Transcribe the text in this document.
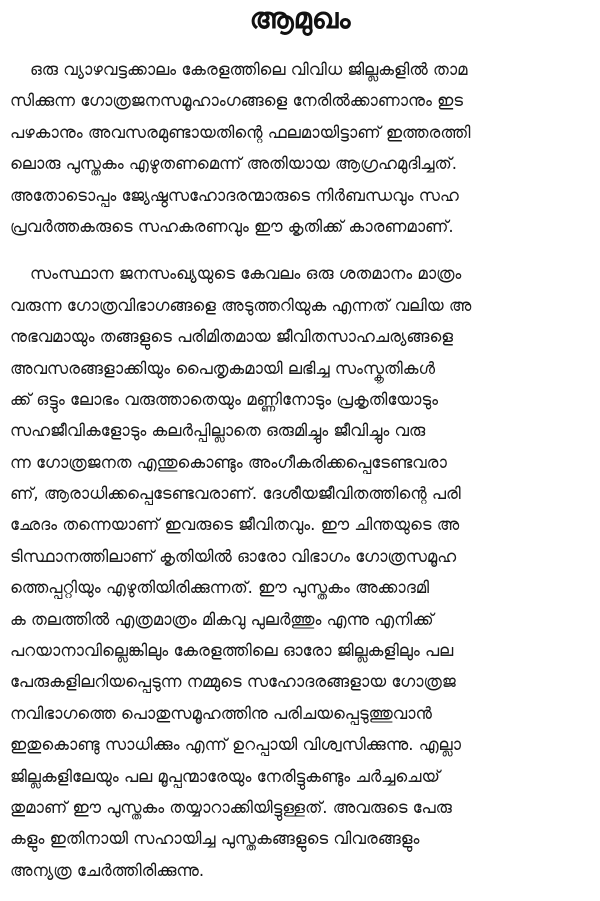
ആമുഖം

ഒരു വ്യാഴവട്ടക്കാലം കേരളത്തിലെ വിവിധ ജില്ലകളിൽ താമ
സിക്കുന്ന ഗോത്രജനസമൂഹാംഗങ്ങളെ നേരിൽക്കാണാനും ഇട
പഴകാനും അവസരമുണ്ടായതിന്റെ ഫലമായിട്ടാണ് ഇത്തരത്തി
ലൊരു പുസ്തകം എഴുതണമെന്ന് അതിയായ ആഗ്രഹമുദിച്ചത്.
അതോടൊപ്പം ജ്യേഷ്ഠസഹോദരന്മാരുടെ നിർബന്ധവും സഹ
പ്രവർത്തകരുടെ സഹകരണവും ഈ കൃതിക്ക് കാരണമാണ്.

സംസ്ഥാന ജനസംഖ്യയുടെ കേവലം ഒരു ശതമാനം മാത്രം
വരുന്ന ഗോത്രവിഭാഗങ്ങളെ അടുത്തറിയുക എന്നത് വലിയ അ
നുഭവമായും തങ്ങളുടെ പരിമിതമായ ജീവിതസാഹചര്യങ്ങളെ
അവസരങ്ങളാക്കിയും പൈതൃകമായി ലഭിച്ച സംസ്കൃതികൾ
ക്ക് ഒട്ടും ലോഭം വരുത്താതെയും മണ്ണിനോടും പ്രകൃതിയോടും
സഹജീവികളോടും കലർപ്പില്ലാതെ ഒരുമിച്ചും ജീവിച്ചും വരു
ന്ന ഗോത്രജനത എന്തുകൊണ്ടും അംഗീകരിക്കപ്പെടേണ്ടവരാ
ണ്, ആരാധിക്കപ്പെടേണ്ടവരാണ്. ദേശീയജീവിതത്തിന്റെ പരി
ഛേദം തന്നെയാണ് ഇവരുടെ ജീവിതവും. ഈ ചിന്തയുടെ അ
ടിസ്ഥാനത്തിലാണ് കൃതിയിൽ ഓരോ വിഭാഗം ഗോത്രസമൂഹ
ത്തെപ്പറ്റിയും എഴുതിയിരിക്കുന്നത്. ഈ പുസ്തകം അക്കാദമി
ക തലത്തിൽ എത്രമാത്രം മികവു പുലർത്തും എന്നു എനിക്ക്
പറയാനാവില്ലെങ്കിലും കേരളത്തിലെ ഓരോ ജില്ലകളിലും പല
പേരുകളിലറിയപ്പെടുന്ന നമ്മുടെ സഹോദരങ്ങളായ ഗോത്രജ
നവിഭാഗത്തെ പൊതുസമൂഹത്തിനു പരിചയപ്പെടുത്തുവാൻ
ഇതുകൊണ്ടു സാധിക്കും എന്ന് ഉറപ്പായി വിശ്വസിക്കുന്നു. എല്ലാ
ജില്ലകളിലേയും പല മൂപ്പന്മാരേയും നേരിട്ടുകണ്ടും ചർച്ചചെയ്
തുമാണ് ഈ പുസ്തകം തയ്യാറാക്കിയിട്ടുള്ളത്. അവരുടെ പേരു
കളും ഇതിനായി സഹായിച്ച പുസ്തകങ്ങളുടെ വിവരങ്ങളും
അന്യത്ര ചേർത്തിരിക്കുന്നു.
